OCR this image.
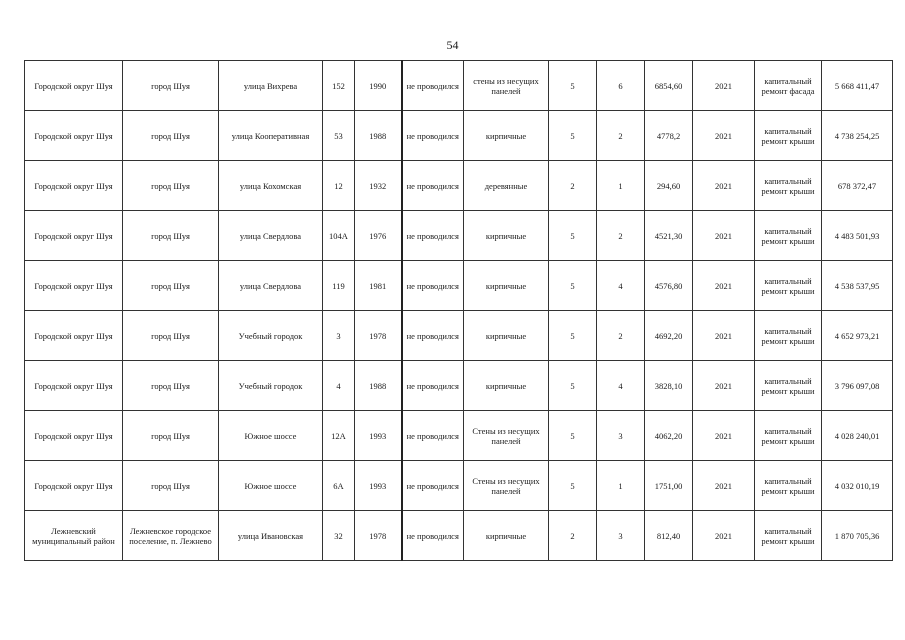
54
Городской округ Шуя	город Шуя	улица Вихрева	152	1990	не проводился	стены из несущих панелей	5	6	6854,60	2021	капитальный ремонт фасада	5 668 411,47
Городской округ Шуя	город Шуя	улица Кооперативная	53	1988	не проводился	кирпичные	5	2	4778,2	2021	капитальный ремонт крыши	4 738 254,25
Городской округ Шуя	город Шуя	улица Кохомская	12	1932	не проводился	деревянные	2	1	294,60	2021	капитальный ремонт крыши	678 372,47
Городской округ Шуя	город Шуя	улица Свердлова	104А	1976	не проводился	кирпичные	5	2	4521,30	2021	капитальный ремонт крыши	4 483 501,93
Городской округ Шуя	город Шуя	улица Свердлова	119	1981	не проводился	кирпичные	5	4	4576,80	2021	капитальный ремонт крыши	4 538 537,95
Городской округ Шуя	город Шуя	Учебный городок	3	1978	не проводился	кирпичные	5	2	4692,20	2021	капитальный ремонт крыши	4 652 973,21
Городской округ Шуя	город Шуя	Учебный городок	4	1988	не проводился	кирпичные	5	4	3828,10	2021	капитальный ремонт крыши	3 796 097,08
Городской округ Шуя	город Шуя	Южное шоссе	12А	1993	не проводился	Стены из несущих панелей	5	3	4062,20	2021	капитальный ремонт крыши	4 028 240,01
Городской округ Шуя	город Шуя	Южное шоссе	6А	1993	не проводился	Стены из несущих панелей	5	1	1751,00	2021	капитальный ремонт крыши	4 032 010,19
Лежневский муниципальный район	Лежневское городское поселение, п. Лежнево	улица Ивановская	32	1978	не проводился	кирпичные	2	3	812,40	2021	капитальный ремонт крыши	1 870 705,36
